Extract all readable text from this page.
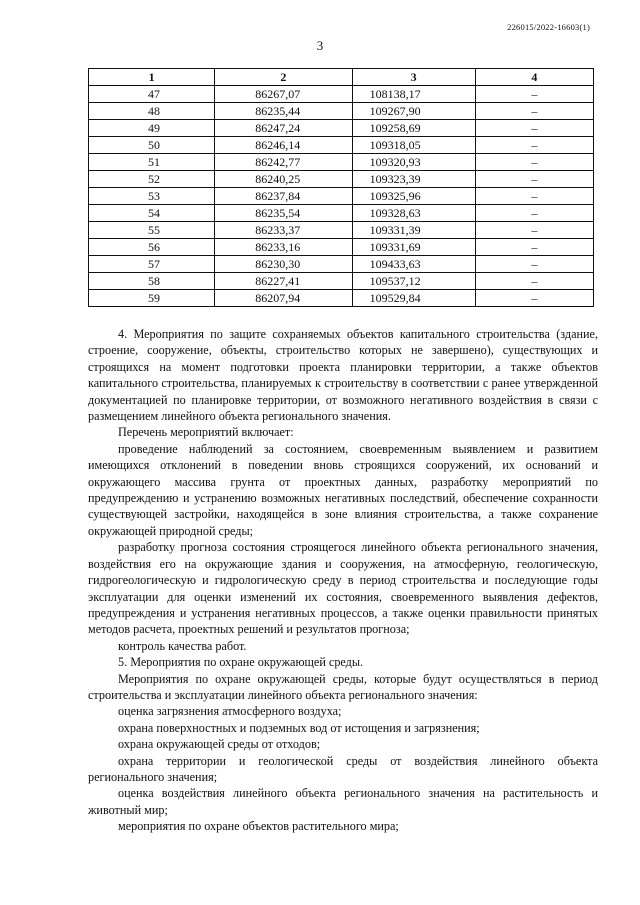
226015/2022-16603(1)
3
1	2	3	4
47	86267,07	108138,17	–
48	86235,44	109267,90	–
49	86247,24	109258,69	–
50	86246,14	109318,05	–
51	86242,77	109320,93	–
52	86240,25	109323,39	–
53	86237,84	109325,96	–
54	86235,54	109328,63	–
55	86233,37	109331,39	–
56	86233,16	109331,69	–
57	86230,30	109433,63	–
58	86227,41	109537,12	–
59	86207,94	109529,84	–

4. Мероприятия по защите сохраняемых объектов капитального строительства (здание, строение, сооружение, объекты, строительство которых не завершено), существующих и строящихся на момент подготовки проекта планировки территории, а также объектов капитального строительства, планируемых к строительству в соответствии с ранее утвержденной документацией по планировке территории, от возможного негативного воздействия в связи с размещением линейного объекта регионального значения.

Перечень мероприятий включает:

проведение наблюдений за состоянием, своевременным выявлением и развитием имеющихся отклонений в поведении вновь строящихся сооружений, их оснований и окружающего массива грунта от проектных данных, разработку мероприятий по предупреждению и устранению возможных негативных последствий, обеспечение сохранности существующей застройки, находящейся в зоне влияния строительства, а также сохранение окружающей природной среды;

разработку прогноза состояния строящегося линейного объекта регионального значения, воздействия его на окружающие здания и сооружения, на атмосферную, геологическую, гидрогеологическую и гидрологическую среду в период строительства и последующие годы эксплуатации для оценки изменений их состояния, своевременного выявления дефектов, предупреждения и устранения негативных процессов, а также оценки правильности принятых методов расчета, проектных решений и результатов прогноза;

контроль качества работ.

5. Мероприятия по охране окружающей среды.

Мероприятия по охране окружающей среды, которые будут осуществляться в период строительства и эксплуатации линейного объекта регионального значения:

оценка загрязнения атмосферного воздуха;

охрана поверхностных и подземных вод от истощения и загрязнения;

охрана окружающей среды от отходов;

охрана территории и геологической среды от воздействия линейного объекта регионального значения;

оценка воздействия линейного объекта регионального значения на растительность и животный мир;

мероприятия по охране объектов растительного мира;
